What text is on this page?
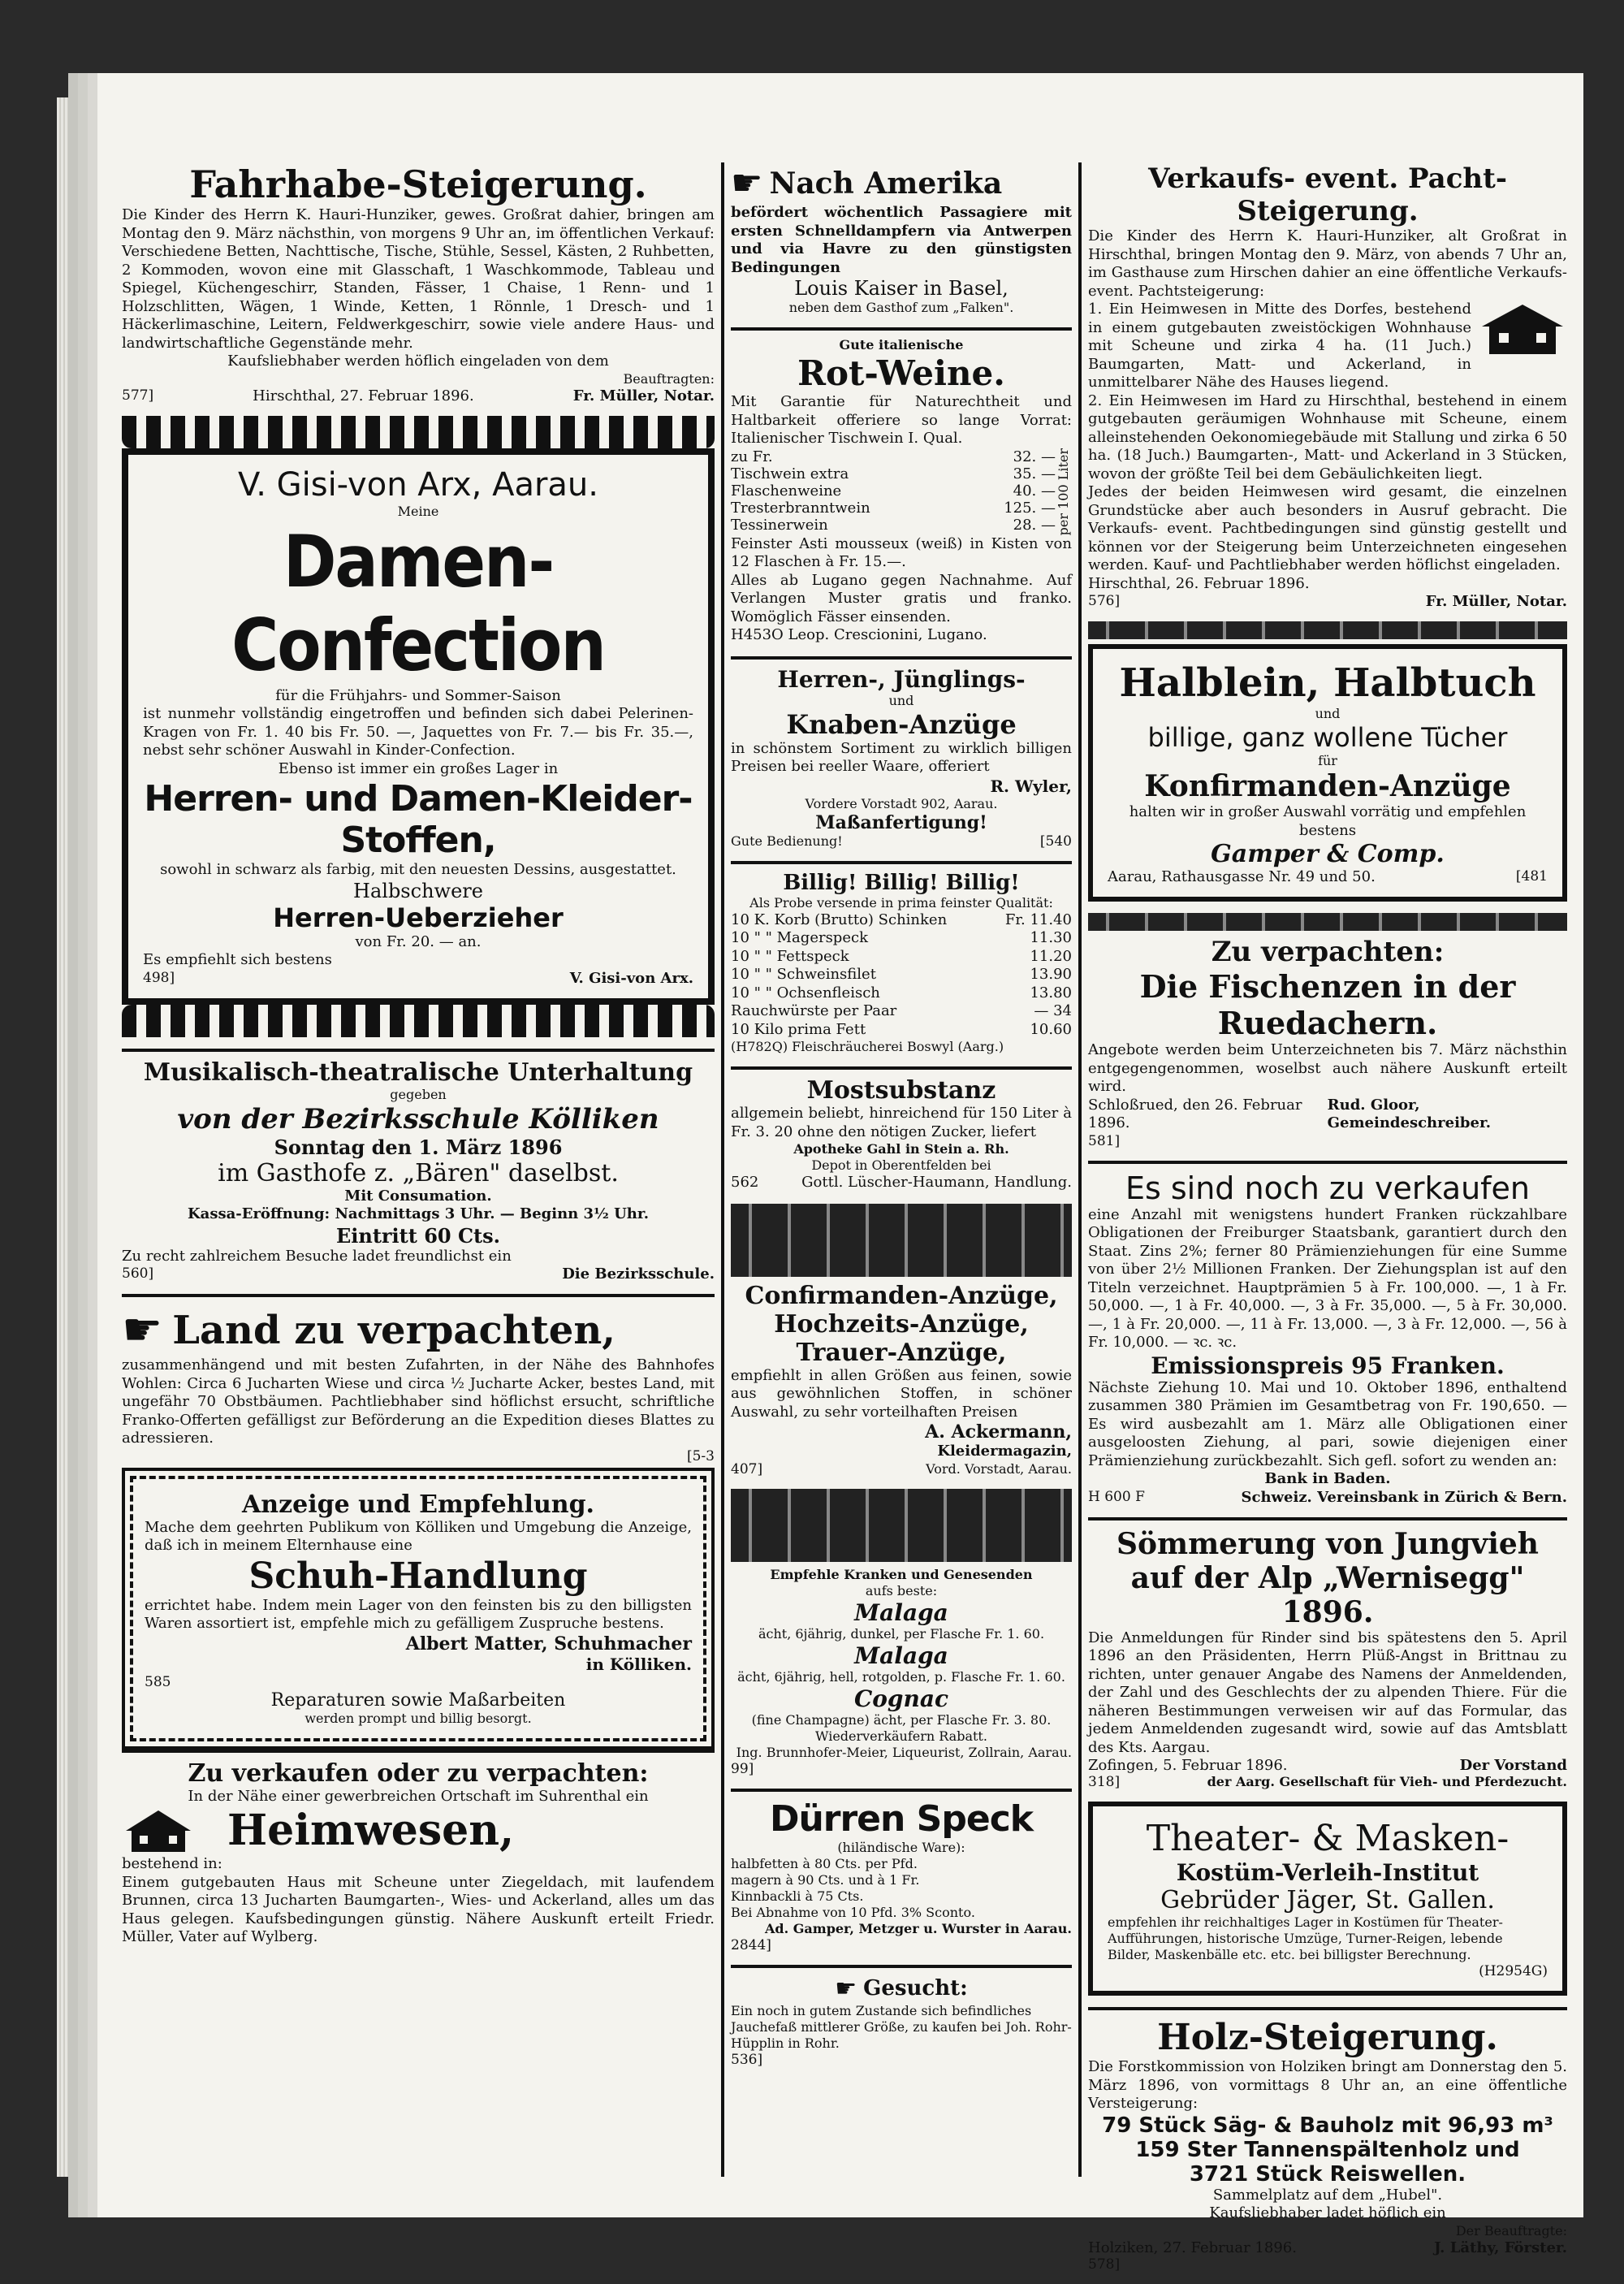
Fahrhabe-Steigerung.
Die Kinder des Herrn K. Hauri-Hunziker, gewes. Großrat dahier, bringen am Montag den 9. März nächsthin, von morgens 9 Uhr an, im öffentlichen Verkauf: Verschiedene Betten, Nachttische, Tische, Stühle, Sessel, Kästen, 2 Ruhbetten, 2 Kommoden, wovon eine mit Glasschaft, 1 Waschkommode, Tableau und Spiegel, Küchengeschirr, Standen, Fässer, 1 Chaise, 1 Renn- und 1 Holzschlitten, Wägen, 1 Winde, Ketten, 1 Rönnle, 1 Dresch- und 1 Häckerlimaschine, Leitern, Feldwerkgeschirr, sowie viele andere Haus- und landwirtschaftliche Gegenstände mehr.
Kaufsliebhaber werden höflich eingeladen von dem
Beauftragten:
577]	Hirschthal, 27. Februar 1896.	Fr. Müller, Notar.
V. Gisi-von Arx, Aarau.
Meine
Damen-Confection
für die Frühjahrs- und Sommer-Saison
ist nunmehr vollständig eingetroffen und befinden sich dabei Pelerinen-Kragen von Fr. 1. 40 bis Fr. 50. —, Jaquettes von Fr. 7.— bis Fr. 35.—, nebst sehr schöner Auswahl in Kinder-Confection.
Ebenso ist immer ein großes Lager in
Herren- und Damen-Kleider-Stoffen,
sowohl in schwarz als farbig, mit den neuesten Dessins, ausgestattet.
Halbschwere
Herren-Ueberzieher
von Fr. 20. — an.
Es empfiehlt sich bestens
498]	V. Gisi-von Arx.
Musikalisch-theatralische Unterhaltung
gegeben
von der Bezirksschule Kölliken
Sonntag den 1. März 1896
im Gasthofe z. „Bären" daselbst.
Mit Consumation.
Kassa-Eröffnung: Nachmittags 3 Uhr. — Beginn 3½ Uhr.
Eintritt 60 Cts.
Zu recht zahlreichem Besuche ladet freundlichst ein
560]	Die Bezirksschule.
☛ Land zu verpachten,
zusammenhängend und mit besten Zufahrten, in der Nähe des Bahnhofes Wohlen: Circa 6 Jucharten Wiese und circa ½ Jucharte Acker, bestes Land, mit ungefähr 70 Obstbäumen. Pachtliebhaber sind höflichst ersucht, schriftliche Franko-Offerten gefälligst zur Beförderung an die Expedition dieses Blattes zu adressieren.
[5-3
Anzeige und Empfehlung.
Mache dem geehrten Publikum von Kölliken und Umgebung die Anzeige, daß ich in meinem Elternhause eine
Schuh-Handlung
errichtet habe. Indem mein Lager von den feinsten bis zu den billigsten Waren assortiert ist, empfehle mich zu gefälligem Zuspruche bestens.
Albert Matter, Schuhmacher
in Kölliken.
585
Reparaturen sowie Maßarbeiten
werden prompt und billig besorgt.
Zu verkaufen oder zu verpachten:
In der Nähe einer gewerbreichen Ortschaft im Suhrenthal ein
Heimwesen,
bestehend in:
Einem gutgebauten Haus mit Scheune unter Ziegeldach, mit laufendem Brunnen, circa 13 Jucharten Baumgarten-, Wies- und Ackerland, alles um das Haus gelegen. Kaufsbedingungen günstig. Nähere Auskunft erteilt Friedr. Müller, Vater auf Wylberg.
☛ Nach Amerika
befördert wöchentlich Passagiere mit ersten Schnelldampfern via Antwerpen und via Havre zu den günstigsten Bedingungen
Louis Kaiser in Basel,
neben dem Gasthof zum „Falken".
Gute italienische
Rot-Weine.
Mit Garantie für Naturechtheit und Haltbarkeit offeriere so lange Vorrat: Italienischer Tischwein I. Qual.
zu Fr.	32. —
Tischwein extra	35. —
Flaschenweine	40. —
Tresterbranntwein	125. —
Tessinerwein	28. — per 100 Liter
Feinster Asti mousseux (weiß) in Kisten von 12 Flaschen à Fr. 15.—.
Alles ab Lugano gegen Nachnahme. Auf Verlangen Muster gratis und franko. Womöglich Fässer einsenden.
H453O Leop. Crescionini, Lugano.
Herren-, Jünglings-
und
Knaben-Anzüge
in schönstem Sortiment zu wirklich billigen Preisen bei reeller Waare, offeriert
R. Wyler,
Vordere Vorstadt 902, Aarau.
Maßanfertigung!
Gute Bedienung!	[540
Billig! Billig! Billig!
Als Probe versende in prima feinster Qualität:
10 K. Korb (Brutto) Schinken	Fr. 11.40
10 " " Magerspeck	11.30
10 " " Fettspeck	11.20
10 " " Schweinsfilet	13.90
10 " " Ochsenfleisch	13.80
Rauchwürste per Paar	— 34
10 Kilo prima Fett	10.60
(H782Q) Fleischräucherei Boswyl (Aarg.)
Mostsubstanz
allgemein beliebt, hinreichend für 150 Liter à Fr. 3. 20 ohne den nötigen Zucker, liefert
Apotheke Gahl in Stein a. Rh.
Depot in Oberentfelden bei
562	Gottl. Lüscher-Haumann, Handlung.
Confirmanden-Anzüge,
Hochzeits-Anzüge,
Trauer-Anzüge,
empfiehlt in allen Größen aus feinen, sowie aus gewöhnlichen Stoffen, in schöner Auswahl, zu sehr vorteilhaften Preisen
A. Ackermann,
Kleidermagazin,
407]	Vord. Vorstadt, Aarau.
Empfehle Kranken und Genesenden
aufs beste:
Malaga
ächt, 6jährig, dunkel, per Flasche Fr. 1. 60.
Malaga
ächt, 6jährig, hell, rotgolden, p. Flasche Fr. 1. 60.
Cognac
(fine Champagne) ächt, per Flasche Fr. 3. 80. Wiederverkäufern Rabatt.
Ing. Brunnhofer-Meier, Liqueurist, Zollrain, Aarau.
99]
Dürren Speck
(hiländische Ware):
halbfetten à 80 Cts. per Pfd.
magern à 90 Cts. und à 1 Fr.
Kinnbackli à 75 Cts.
Bei Abnahme von 10 Pfd. 3% Sconto.
Ad. Gamper, Metzger u. Wurster in Aarau.
2844]
☛ Gesucht:
Ein noch in gutem Zustande sich befindliches Jauchefaß mittlerer Größe, zu kaufen bei Joh. Rohr-Hüpplin in Rohr.
536]
Verkaufs- event. Pacht-Steigerung.
Die Kinder des Herrn K. Hauri-Hunziker, alt Großrat in Hirschthal, bringen Montag den 9. März, von abends 7 Uhr an, im Gasthause zum Hirschen dahier an eine öffentliche Verkaufs- event. Pachtsteigerung:
1. Ein Heimwesen in Mitte des Dorfes, bestehend in einem gutgebauten zweistöckigen Wohnhause mit Scheune und zirka 4 ha. (11 Juch.) Baumgarten, Matt- und Ackerland, in unmittelbarer Nähe des Hauses liegend.
2. Ein Heimwesen im Hard zu Hirschthal, bestehend in einem gutgebauten geräumigen Wohnhause mit Scheune, einem alleinstehenden Oekonomiegebäude mit Stallung und zirka 6 50 ha. (18 Juch.) Baumgarten-, Matt- und Ackerland in 3 Stücken, wovon der größte Teil bei dem Gebäulichkeiten liegt.
Jedes der beiden Heimwesen wird gesamt, die einzelnen Grundstücke aber auch besonders in Ausruf gebracht. Die Verkaufs- event. Pachtbedingungen sind günstig gestellt und können vor der Steigerung beim Unterzeichneten eingesehen werden. Kauf- und Pachtliebhaber werden höflichst eingeladen.
Hirschthal, 26. Februar 1896.
576]	Fr. Müller, Notar.
Halblein, Halbtuch
und
billige, ganz wollene Tücher
für
Konfirmanden-Anzüge
halten wir in großer Auswahl vorrätig und empfehlen bestens
Gamper & Comp.
Aarau, Rathausgasse Nr. 49 und 50.	[481
Zu verpachten:
Die Fischenzen in der Ruedachern.
Angebote werden beim Unterzeichneten bis 7. März nächsthin entgegengenommen, woselbst auch nähere Auskunft erteilt wird.
Schloßrued, den 26. Februar 1896.
Rud. Gloor, Gemeindeschreiber.
581]
Es sind noch zu verkaufen
eine Anzahl mit wenigstens hundert Franken rückzahlbare Obligationen der Freiburger Staatsbank, garantiert durch den Staat. Zins 2%; ferner 80 Prämienziehungen für eine Summe von über 2½ Millionen Franken. Der Ziehungsplan ist auf den Titeln verzeichnet. Hauptprämien 5 à Fr. 100,000. —, 1 à Fr. 50,000. —, 1 à Fr. 40,000. —, 3 à Fr. 35,000. —, 5 à Fr. 30,000. —, 1 à Fr. 20,000. —, 11 à Fr. 13,000. —, 3 à Fr. 12,000. —, 56 à Fr. 10,000. — ꝛc. ꝛc.
Emissionspreis 95 Franken.
Nächste Ziehung 10. Mai und 10. Oktober 1896, enthaltend zusammen 380 Prämien im Gesamtbetrag von Fr. 190,650. — Es wird ausbezahlt am 1. März alle Obligationen einer ausgeloosten Ziehung, al pari, sowie diejenigen einer Prämienziehung zurückbezahlt. Sich gefl. sofort zu wenden an:
Bank in Baden.
H 600 F	Schweiz. Vereinsbank in Zürich & Bern.
Sömmerung von Jungvieh
auf der Alp „Wernisegg" 1896.
Die Anmeldungen für Rinder sind bis spätestens den 5. April 1896 an den Präsidenten, Herrn Plüß-Angst in Brittnau zu richten, unter genauer Angabe des Namens der Anmeldenden, der Zahl und des Geschlechts der zu alpenden Thiere. Für die näheren Bestimmungen verweisen wir auf das Formular, das jedem Anmeldenden zugesandt wird, sowie auf das Amtsblatt des Kts. Aargau.
Zofingen, 5. Februar 1896.	Der Vorstand
318]	der Aarg. Gesellschaft für Vieh- und Pferdezucht.
Theater- & Masken-
Kostüm-Verleih-Institut
Gebrüder Jäger, St. Gallen.
empfehlen ihr reichhaltiges Lager in Kostümen für Theater-Aufführungen, historische Umzüge, Turner-Reigen, lebende Bilder, Maskenbälle etc. etc. bei billigster Berechnung.
(H2954G)
Holz-Steigerung.
Die Forstkommission von Holziken bringt am Donnerstag den 5. März 1896, von vormittags 8 Uhr an, an eine öffentliche Versteigerung:
79 Stück Säg- & Bauholz mit 96,93 m³
159 Ster Tannenspältenholz und
3721 Stück Reiswellen.
Sammelplatz auf dem „Hubel".
Kaufsliebhaber ladet höflich ein
Der Beauftragte:
Holziken, 27. Februar 1896.	J. Läthy, Förster.
578]
